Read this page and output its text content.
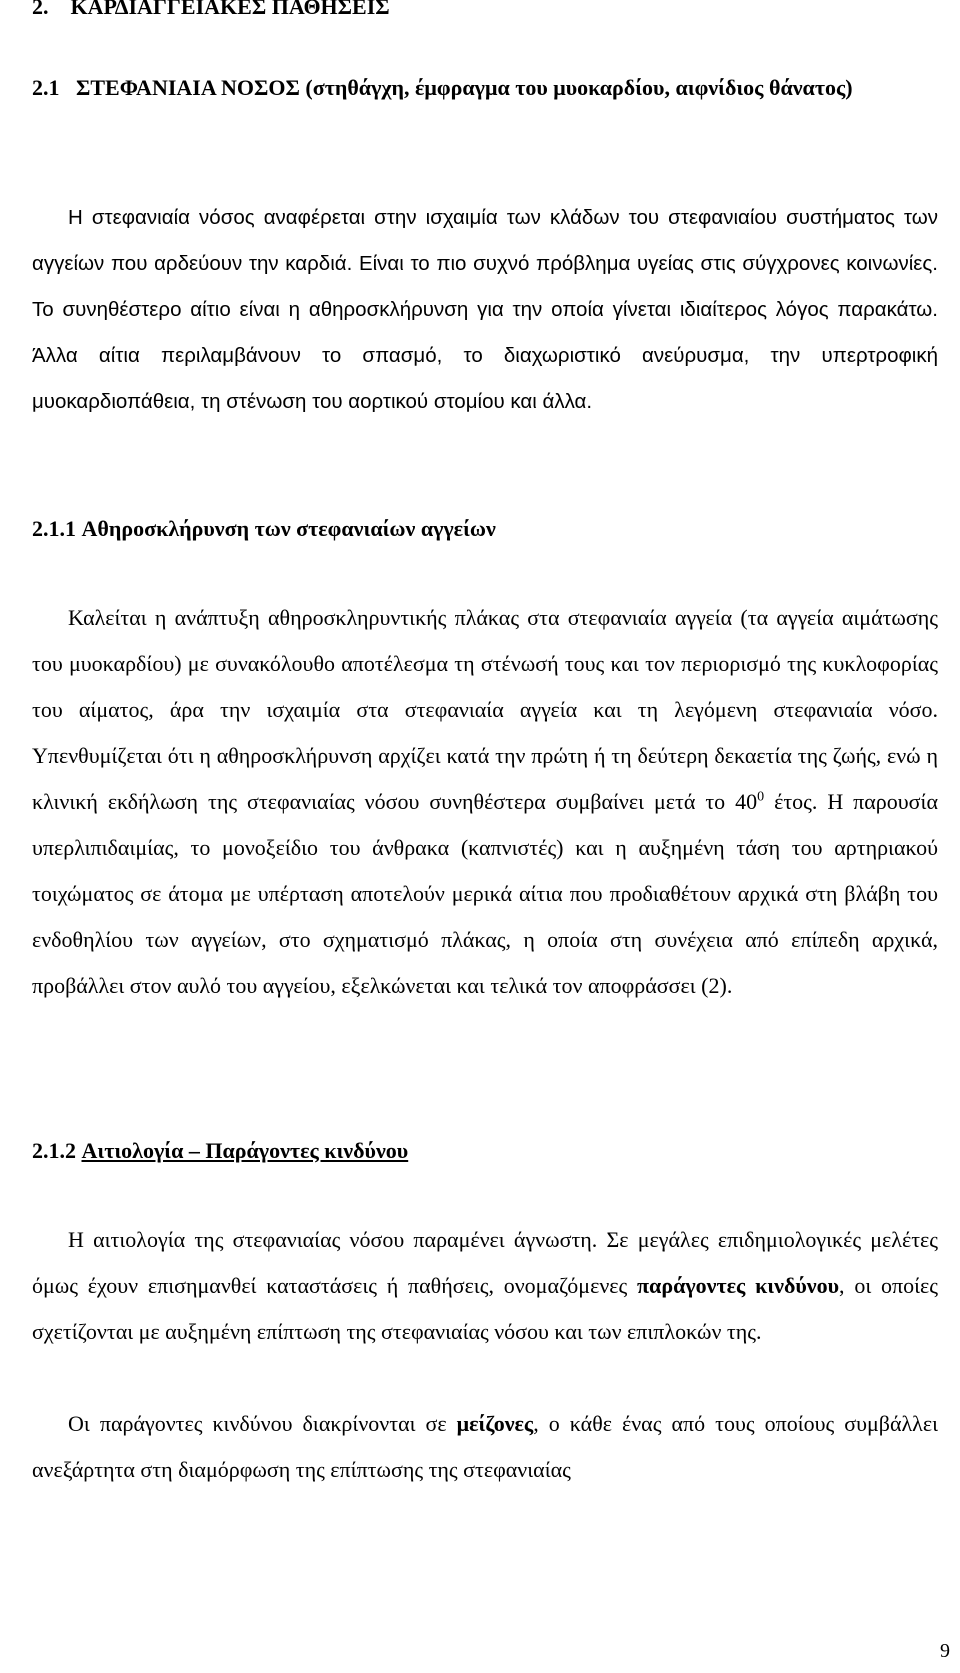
2. ΚΑΡΔΙΑΓΓΕΙΑΚΕΣ ΠΑΘΗΣΕΙΣ
2.1 ΣΤΕΦΑΝΙΑΙΑ ΝΟΣΟΣ (στηθάγχη, έμφραγμα του μυοκαρδίου, αιφνίδιος θάνατος)

Η στεφανιαία νόσος αναφέρεται στην ισχαιμία των κλάδων του στεφανιαίου συστήματος των αγγείων που αρδεύουν την καρδιά. Είναι το πιο συχνό πρόβλημα υγείας στις σύγχρονες κοινωνίες. Το συνηθέστερο αίτιο είναι η αθηροσκλήρυνση για την οποία γίνεται ιδιαίτερος λόγος παρακάτω. Άλλα αίτια περιλαμβάνουν το σπασμό, το διαχωριστικό ανεύρυσμα, την υπερτροφική μυοκαρδιοπάθεια, τη στένωση του αορτικού στομίου και άλλα.

2.1.1 Αθηροσκλήρυνση των στεφανιαίων αγγείων

Καλείται η ανάπτυξη αθηροσκληρυντικής πλάκας στα στεφανιαία αγγεία (τα αγγεία αιμάτωσης του μυοκαρδίου) με συνακόλουθο αποτέλεσμα τη στένωσή τους και τον περιορισμό της κυκλοφορίας του αίματος, άρα την ισχαιμία στα στεφανιαία αγγεία και τη λεγόμενη στεφανιαία νόσο. Υπενθυμίζεται ότι η αθηροσκλήρυνση αρχίζει κατά την πρώτη ή τη δεύτερη δεκαετία της ζωής, ενώ η κλινική εκδήλωση της στεφανιαίας νόσου συνηθέστερα συμβαίνει μετά το $40^0$ έτος. Η παρουσία υπερλιπιδαιμίας, το μονοξείδιο του άνθρακα (καπνιστές) και η αυξημένη τάση του αρτηριακού τοιχώματος σε άτομα με υπέρταση αποτελούν μερικά αίτια που προδιαθέτουν αρχικά στη βλάβη του ενδοθηλίου των αγγείων, στο σχηματισμό πλάκας, η οποία στη συνέχεια από επίπεδη αρχικά, προβάλλει στον αυλό του αγγείου, εξελκώνεται και τελικά τον αποφράσσει (2).

2.1.2 Αιτιολογία – Παράγοντες κινδύνου

Η αιτιολογία της στεφανιαίας νόσου παραμένει άγνωστη. Σε μεγάλες επιδημιολογικές μελέτες όμως έχουν επισημανθεί καταστάσεις ή παθήσεις, ονομαζόμενες παράγοντες κινδύνου, οι οποίες σχετίζονται με αυξημένη επίπτωση της στεφανιαίας νόσου και των επιπλοκών της.

Οι παράγοντες κινδύνου διακρίνονται σε μείζονες, ο κάθε ένας από τους οποίους συμβάλλει ανεξάρτητα στη διαμόρφωση της επίπτωσης της στεφανιαίας

9
